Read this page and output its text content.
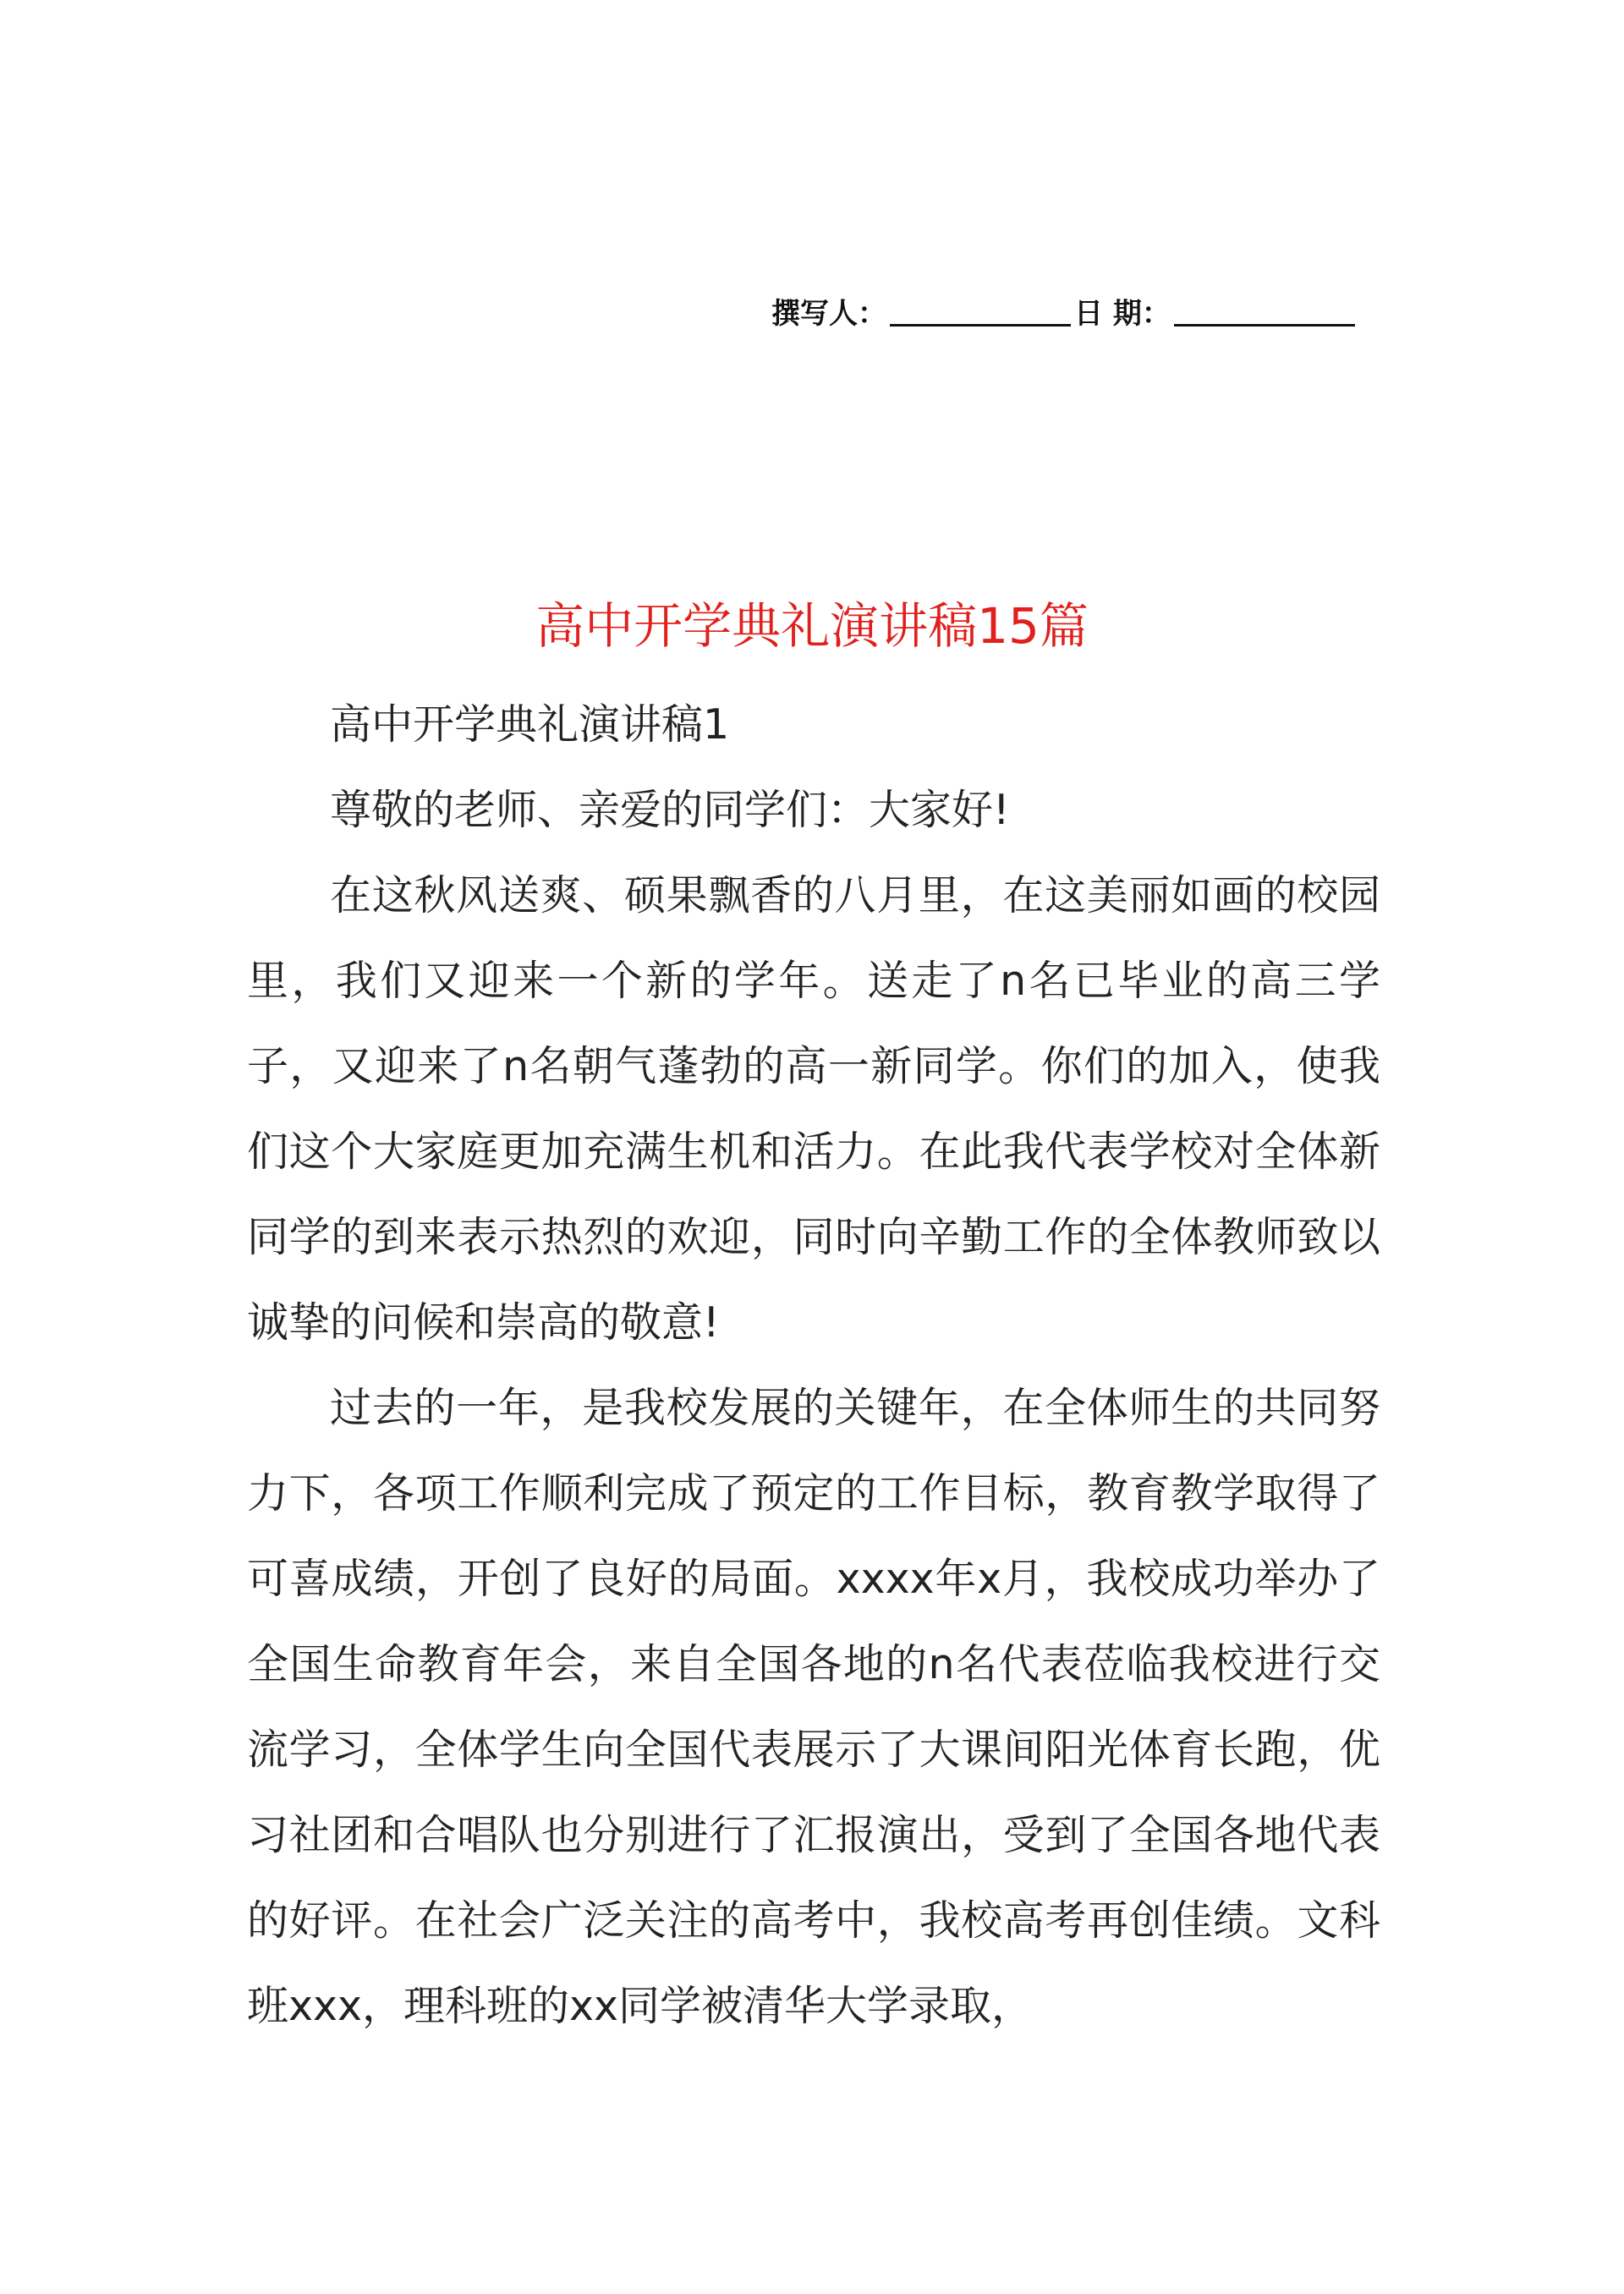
撰写人：	日 期：
高中开学典礼演讲稿15篇

高中开学典礼演讲稿1

尊敬的老师、亲爱的同学们：大家好!

在这秋风送爽、硕果飘香的八月里，在这美丽如画的校园里，我们又迎来一个新的学年。送走了n名已毕业的高三学子，又迎来了n名朝气蓬勃的高一新同学。你们的加入，使我们这个大家庭更加充满生机和活力。在此我代表学校对全体新同学的到来表示热烈的欢迎，同时向辛勤工作的全体教师致以诚挚的问候和崇高的敬意!

过去的一年，是我校发展的关键年，在全体师生的共同努力下，各项工作顺利完成了预定的工作目标，教育教学取得了可喜成绩，开创了良好的局面。xxxx年x月，我校成功举办了全国生命教育年会，来自全国各地的n名代表莅临我校进行交流学习，全体学生向全国代表展示了大课间阳光体育长跑，优习社团和合唱队也分别进行了汇报演出，受到了全国各地代表的好评。在社会广泛关注的高考中，我校高考再创佳绩。文科班xxx，理科班的xx同学被清华大学录取，
